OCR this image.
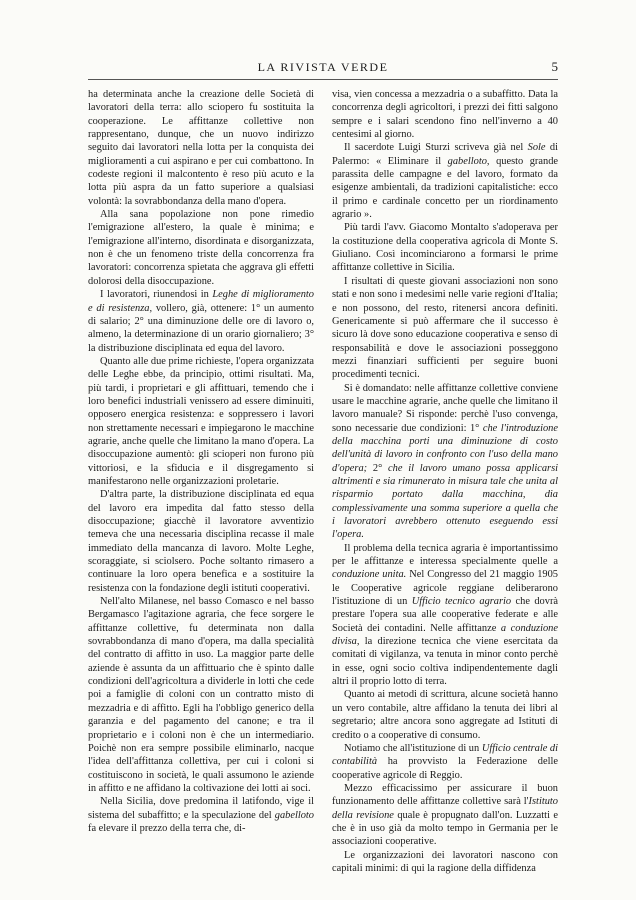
LA RIVISTA VERDE	5

ha determinata anche la creazione delle Società di lavoratori della terra: allo sciopero fu sostituita la cooperazione. Le affittanze collettive non rappresentano, dunque, che un nuovo indirizzo seguito dai lavoratori nella lotta per la conquista dei miglioramenti a cui aspirano e per cui combattono. In codeste regioni il malcontento è reso più acuto e la lotta più aspra da un fatto superiore a qualsiasi volontà: la sovrabbondanza della mano d'opera.

Alla sana popolazione non pone rimedio l'emigrazione all'estero, la quale è minima; e l'emigrazione all'interno, disordinata e disorganizzata, non è che un fenomeno triste della concorrenza fra lavoratori: concorrenza spietata che aggrava gli effetti dolorosi della disoccupazione.

I lavoratori, riunendosi in Leghe di miglioramento e di resistenza, vollero, già, ottenere: 1° un aumento di salario; 2° una diminuzione delle ore di lavoro o, almeno, la determinazione di un orario giornaliero; 3° la distribuzione disciplinata ed equa del lavoro.

Quanto alle due prime richieste, l'opera organizzata delle Leghe ebbe, da principio, ottimi risultati. Ma, più tardi, i proprietari e gli affittuari, temendo che i loro benefici industriali venissero ad essere diminuiti, opposero energica resistenza: e soppressero i lavori non strettamente necessari e impiegarono le macchine agrarie, anche quelle che limitano la mano d'opera. La disoccupazione aumentò: gli scioperi non furono più vittoriosi, e la sfiducia e il disgregamento si manifestarono nelle organizzazioni proletarie.

D'altra parte, la distribuzione disciplinata ed equa del lavoro era impedita dal fatto stesso della disoccupazione; giacchè il lavoratore avventizio temeva che una necessaria disciplina recasse il male immediato della mancanza di lavoro. Molte Leghe, scoraggiate, si sciolsero. Poche soltanto rimasero a continuare la loro opera benefica e a sostituire la resistenza con la fondazione degli istituti cooperativi.

Nell'alto Milanese, nel basso Comasco e nel basso Bergamasco l'agitazione agraria, che fece sorgere le affittanze collettive, fu determinata non dalla sovrabbondanza di mano d'opera, ma dalla specialità del contratto di affitto in uso. La maggior parte delle aziende è assunta da un affittuario che è spinto dalle condizioni dell'agricoltura a dividerle in lotti che cede poi a famiglie di coloni con un contratto misto di mezzadria e di affitto. Egli ha l'obbligo generico della garanzia e del pagamento del canone; e tra il proprietario e i coloni non è che un intermediario. Poichè non era sempre possibile eliminarlo, nacque l'idea dell'affittanza collettiva, per cui i coloni si costituiscono in società, le quali assumono le aziende in affitto e ne affidano la coltivazione dei lotti ai soci.

Nella Sicilia, dove predomina il latifondo, vige il sistema del subaffitto; e la speculazione del gabelloto fa elevare il prezzo della terra che, di-

visa, vien concessa a mezzadria o a subaffitto. Data la concorrenza degli agricoltori, i prezzi dei fitti salgono sempre e i salari scendono fino nell'inverno a 40 centesimi al giorno.

Il sacerdote Luigi Sturzi scriveva già nel Sole di Palermo: « Eliminare il gabelloto, questo grande parassita delle campagne e del lavoro, formato da esigenze ambientali, da tradizioni capitalistiche: ecco il primo e cardinale concetto per un riordinamento agrario ».

Più tardi l'avv. Giacomo Montalto s'adoperava per la costituzione della cooperativa agricola di Monte S. Giuliano. Così incominciarono a formarsi le prime affittanze collettive in Sicilia.

I risultati di queste giovani associazioni non sono stati e non sono i medesimi nelle varie regioni d'Italia; e non possono, del resto, ritenersi ancora definiti. Genericamente si può affermare che il successo è sicuro là dove sono educazione cooperativa e senso di responsabilità e dove le associazioni posseggono mezzi finanziari sufficienti per seguire buoni procedimenti tecnici.

Si è domandato: nelle affittanze collettive conviene usare le macchine agrarie, anche quelle che limitano il lavoro manuale? Si risponde: perchè l'uso convenga, sono necessarie due condizioni: 1° che l'introduzione della macchina porti una diminuzione di costo dell'unità di lavoro in confronto con l'uso della mano d'opera; 2° che il lavoro umano possa applicarsi altrimenti e sia rimunerato in misura tale che unita al risparmio portato dalla macchina, dia complessivamente una somma superiore a quella che i lavoratori avrebbero ottenuto eseguendo essi l'opera.

Il problema della tecnica agraria è importantissimo per le affittanze e interessa specialmente quelle a conduzione unita. Nel Congresso del 21 maggio 1905 le Cooperative agricole reggiane deliberarono l'istituzione di un Ufficio tecnico agrario che dovrà prestare l'opera sua alle cooperative federate e alle Società dei contadini. Nelle affittanze a conduzione divisa, la direzione tecnica che viene esercitata da comitati di vigilanza, va tenuta in minor conto perchè in esse, ogni socio coltiva indipendentemente dagli altri il proprio lotto di terra.

Quanto ai metodi di scrittura, alcune società hanno un vero contabile, altre affidano la tenuta dei libri al segretario; altre ancora sono aggregate ad Istituti di credito o a cooperative di consumo.

Notiamo che all'istituzione di un Ufficio centrale di contabilità ha provvisto la Federazione delle cooperative agricole di Reggio.

Mezzo efficacissimo per assicurare il buon funzionamento delle affittanze collettive sarà l'Istituto della revisione quale è propugnato dall'on. Luzzatti e che è in uso già da molto tempo in Germania per le associazioni cooperative.

Le organizzazioni dei lavoratori nascono con capitali minimi: di qui la ragione della diffidenza
